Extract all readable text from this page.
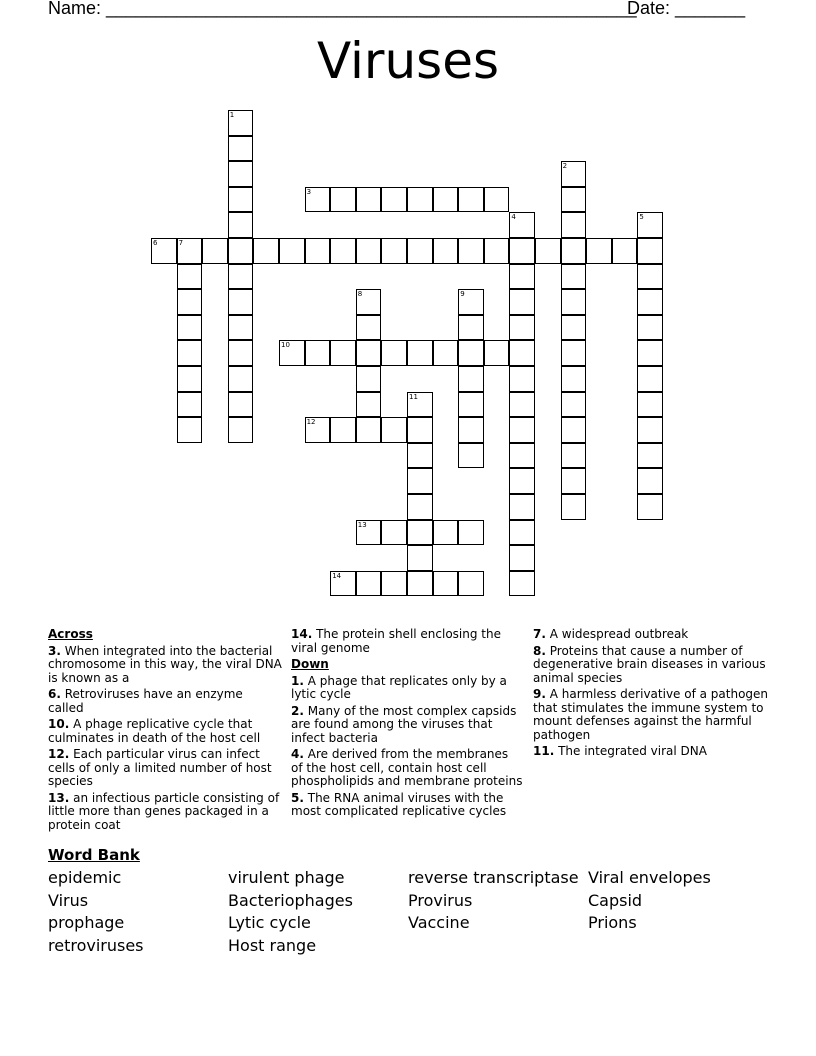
Name: _____________________________________________________
Date: _______
Viruses
1
2
3
4	5
6	7
8	9
10
11
12
13
14
Across
3. When integrated into the bacterial chromosome in this way, the viral DNA is known as a
6. Retroviruses have an enzyme called
10. A phage replicative cycle that culminates in death of the host cell
12. Each particular virus can infect cells of only a limited number of host species
13. an infectious particle consisting of little more than genes packaged in a protein coat
14. The protein shell enclosing the viral genome
Down
1. A phage that replicates only by a lytic cycle
2. Many of the most complex capsids are found among the viruses that infect bacteria
4. Are derived from the membranes of the host cell, contain host cell phospholipids and membrane proteins
5. The RNA animal viruses with the most complicated replicative cycles
7. A widespread outbreak
8. Proteins that cause a number of degenerative brain diseases in various animal species
9. A harmless derivative of a pathogen that stimulates the immune system to mount defenses against the harmful pathogen
11. The integrated viral DNA
Word Bank
epidemic
Virus
prophage
retroviruses
virulent phage
Bacteriophages
Lytic cycle
Host range
reverse transcriptase
Provirus
Vaccine
Viral envelopes
Capsid
Prions
